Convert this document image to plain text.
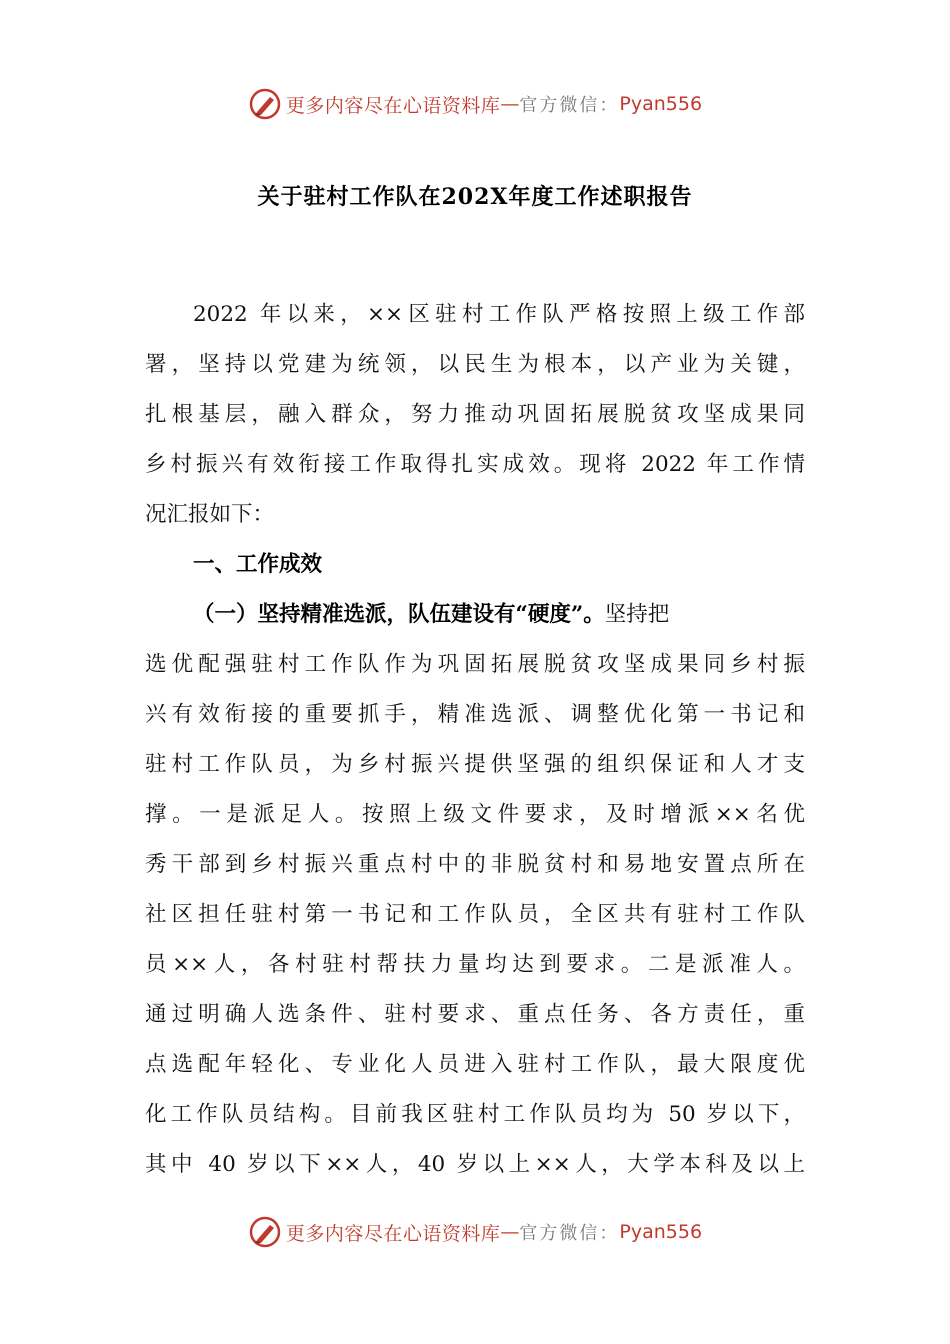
更多内容尽在心语资料库 — 官方微信： Pyan556
关于驻村工作队在202X年度工作述职报告
2022 年以来，××区驻村工作队严格按照上级工作部
署，坚持以党建为统领，以民生为根本，以产业为关键，
扎根基层，融入群众，努力推动巩固拓展脱贫攻坚成果同
乡村振兴有效衔接工作取得扎实成效。现将 2022 年工作情
况汇报如下：
一、工作成效
（一）坚持精准选派，队伍建设有“硬度”。坚持把
选优配强驻村工作队作为巩固拓展脱贫攻坚成果同乡村振
兴有效衔接的重要抓手，精准选派、调整优化第一书记和
驻村工作队员，为乡村振兴提供坚强的组织保证和人才支
撑。一是派足人。按照上级文件要求，及时增派××名优
秀干部到乡村振兴重点村中的非脱贫村和易地安置点所在
社区担任驻村第一书记和工作队员，全区共有驻村工作队
员××人，各村驻村帮扶力量均达到要求。二是派准人。
通过明确人选条件、驻村要求、重点任务、各方责任，重
点选配年轻化、专业化人员进入驻村工作队，最大限度优
化工作队员结构。目前我区驻村工作队员均为 50 岁以下，
其中 40 岁以下××人，40 岁以上××人，大学本科及以上
更多内容尽在心语资料库 — 官方微信： Pyan556
